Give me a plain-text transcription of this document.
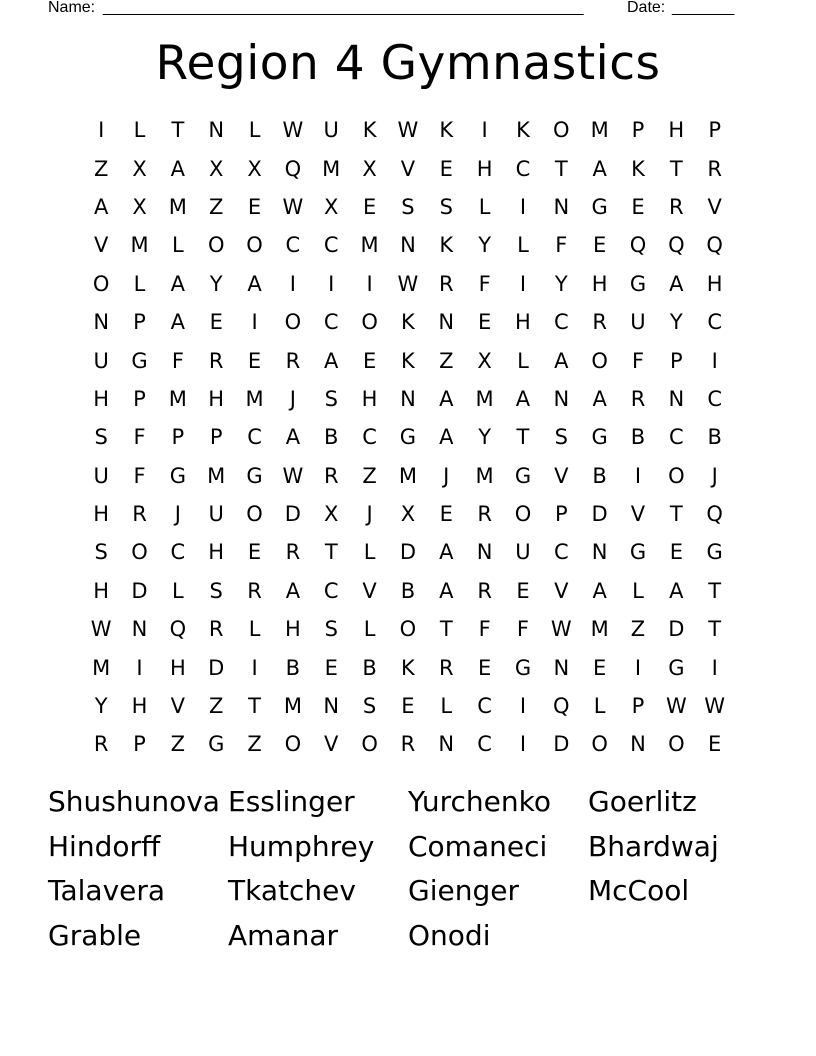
Name: ______________________________________________________	Date: _______
Region 4 Gymnastics
I	L	T	N	L	W U	K	W	K	I	K	O	M	P	H	P
Z	X	A	X	X	Q	M	X	V	E	H	C	T	A	K	T	R
A	X	M	Z	E	W X	E	S	S	L	I	N	G	E	R	V
V	M	L	O	O	C	C	M	N	K	Y	L	F	E	Q	Q	Q
O	L	A	Y	A	I	I	I	W R	F	I	Y	H	G	A	H
N	P	A	E	I	O	C	O	K	N	E	H	C	R	U	Y	C
U	G	F	R	E	R	A	E	K	Z	X	L	A	O	F	P	I
H	P	M	H	M	J	S	H	N	A	M	A	N	A	R	N	C
S	F	P	P	C	A	B	C	G	A	Y	T	S	G	B	C	B
U	F	G	M	G W R	Z	M	J	M	G	V	B	I	O	J
H	R	J	U	O	D	X	J	X	E	R	O	P	D	V	T	Q
S	O	C	H	E	R	T	L	D	A	N	U	C	N	G	E	G
H	D	L	S	R	A	C	V	B	A	R	E	V	A	L	A	T
W N	Q	R	L	H	S	L	O	T	F	F	W M	Z	D	T
M	I	H	D	I	B	E	B	K	R	E	G	N	E	I	G	I
Y	H	V	Z	T	M	N	S	E	L	C	I	Q	L	P	W W
R	P	Z	G	Z	O	V	O	R	N	C	I	D	O	N	O	E
Shushunova Esslinger	Yurchenko	Goerlitz
Hindorff	Humphrey	Comaneci	Bhardwaj
Talavera	Tkatchev	Gienger	McCool
Grable	Amanar	Onodi
